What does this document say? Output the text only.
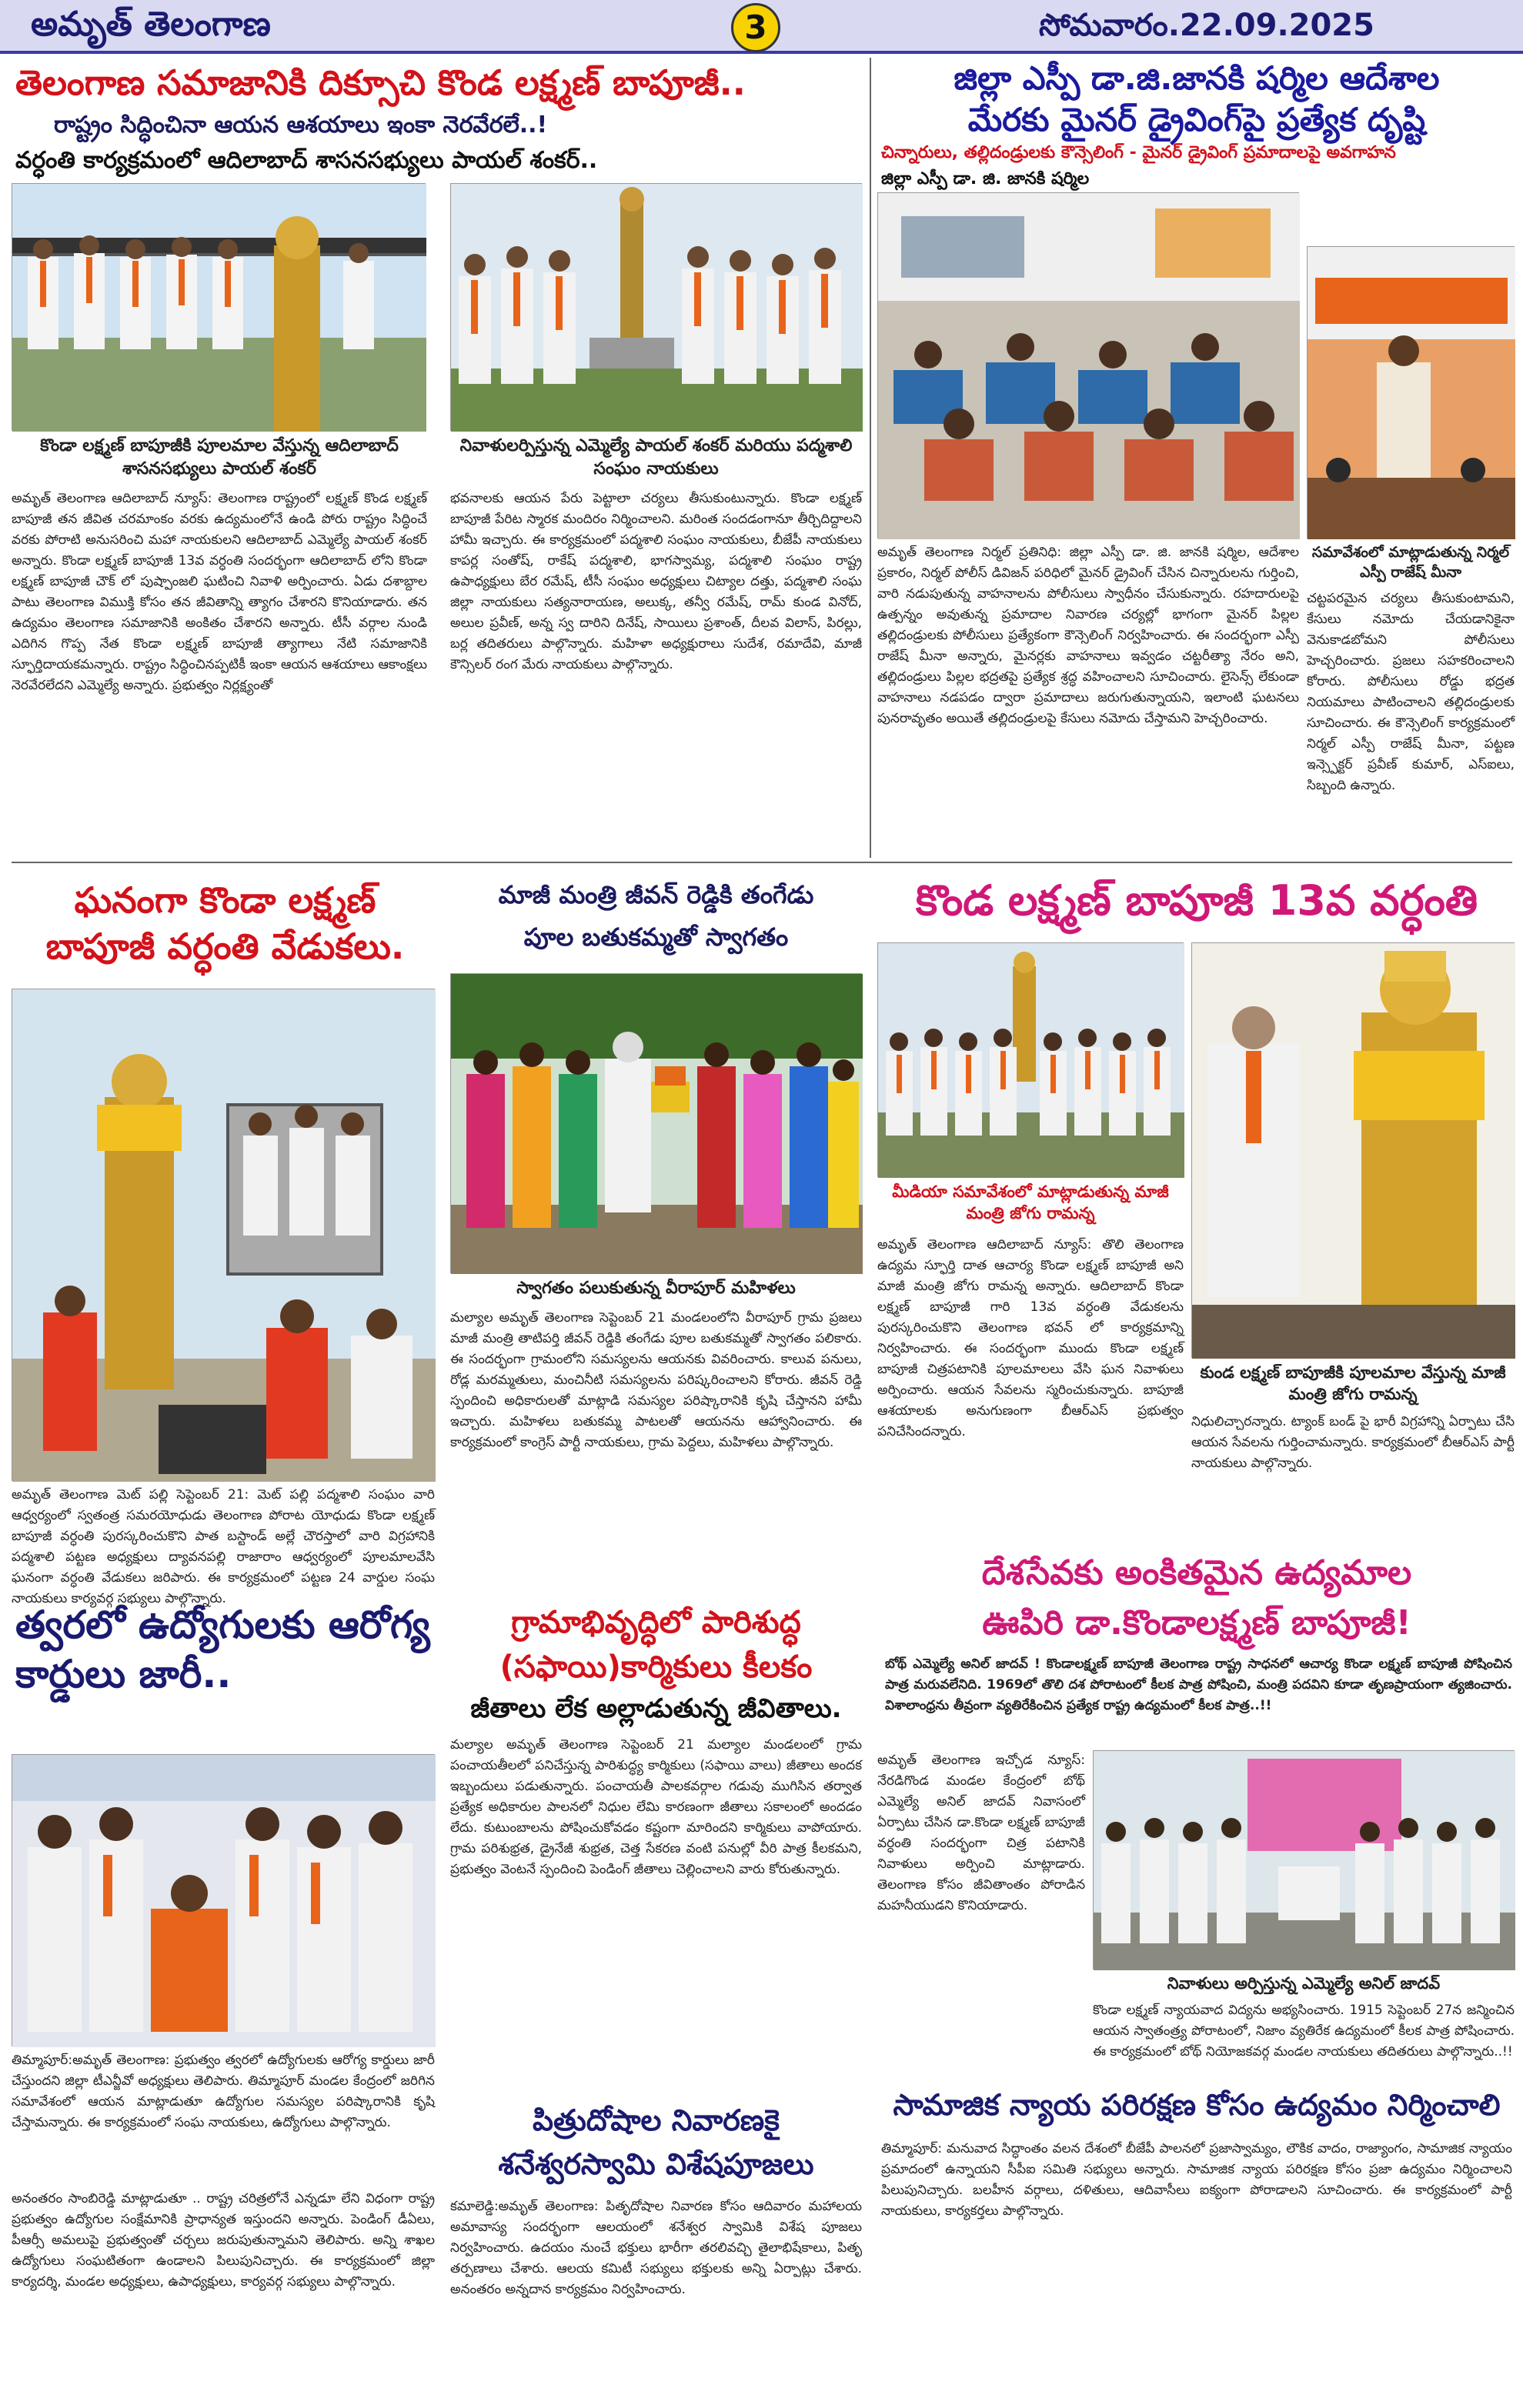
అమృత్ తెలంగాణ	3	సోమవారం.22.09.2025
తెలంగాణ సమాజానికి దిక్సూచి కొండ లక్ష్మణ్ బాపూజీ..
రాష్ట్రం సిద్ధించినా ఆయన ఆశయాలు ఇంకా నెరవేరలే..!
వర్ధంతి కార్యక్రమంలో ఆదిలాబాద్ శాసనసభ్యులు పాయల్ శంకర్..
కొండా లక్ష్మణ్ బాపూజీకి పూలమాల వేస్తున్న ఆదిలాబాద్ శాసనసభ్యులు పాయల్ శంకర్
నివాళులర్పిస్తున్న ఎమ్మెల్యే పాయల్ శంకర్ మరియు పద్మశాలి సంఘం నాయకులు
అమృత్ తెలంగాణ ఆదిలాబాద్ న్యూస్: తెలంగాణ రాష్ట్రంలో లక్ష్మణ్ కొండ లక్ష్మణ్ బాపూజీ తన జీవిత చరమాంకం వరకు ఉద్యమంలోనే ఉండి పోరు రాష్ట్రం సిద్ధించే వరకు పోరాటి అనుసరించి మహా నాయకులని ఆదిలాబాద్ ఎమ్మెల్యే పాయల్ శంకర్ అన్నారు. కొండా లక్ష్మణ్ బాపూజీ 13వ వర్ధంతి సందర్భంగా ఆదిలాబాద్ లోని కొండా లక్ష్మణ్ బాపూజీ చౌక్ లో పుష్పాంజలి ఘటించి నివాళి అర్పించారు. ఏడు దశాబ్దాల పాటు తెలంగాణ విముక్తి కోసం తన జీవితాన్ని త్యాగం చేశారని కొనియాడారు. తన ఉద్యమం తెలంగాణ సమాజానికి అంకితం చేశారని అన్నారు. టీసీ వర్గాల నుండి ఎదిగిన గొప్ప నేత కొండా లక్ష్మణ్ బాపూజీ త్యాగాలు నేటి సమాజానికి స్ఫూర్తిదాయకమన్నారు. రాష్ట్రం సిద్ధించినప్పటికీ ఇంకా ఆయన ఆశయాలు ఆకాంక్షలు నెరవేరలేదని ఎమ్మెల్యే అన్నారు. ప్రభుత్వం నిర్లక్ష్యంతో
భవనాలకు ఆయన పేరు పెట్టాలా చర్యలు తీసుకుంటున్నారు. కొండా లక్ష్మణ్ బాపూజీ పేరిట స్మారక మందిరం నిర్మించాలని. మరింత సందడంగానూ తీర్చిదిద్దాలని హామీ ఇచ్చారు. ఈ కార్యక్రమంలో పద్మశాలి సంఘం నాయకులు, బీజేపీ నాయకులు కాపర్ల సంతోష్, రాకేష్ పద్మశాలి, భాగస్వామ్య, పద్మశాలి సంఘం రాష్ట్ర ఉపాధ్యక్షులు బేర రమేష్, టీసీ సంఘం అధ్యక్షులు చిట్యాల దత్తు, పద్మశాలి సంఘ జిల్లా నాయకులు సత్యనారాయణ, అలుక్క, తన్వీ రమేష్, రామ్ కుండ వినోద్, అలుల ప్రవీణ్, అన్న స్వ దారిని దినేష్, సాయిలు ప్రశాంత్, దీలవ విలాస్, పిరల్లు, బర్ల తదితరులు పాల్గొన్నారు. మహిళా అధ్యక్షురాలు సుదేశ, రమాదేవి, మాజీ కౌన్సిలర్ రంగ మేరు నాయకులు పాల్గొన్నారు.
జిల్లా ఎస్పీ డా.జి.జానకి షర్మిల ఆదేశాల
మేరకు మైనర్ డ్రైవింగ్‌పై ప్రత్యేక దృష్టి
చిన్నారులు, తల్లిదండ్రులకు కౌన్సెలింగ్ - మైనర్ డ్రైవింగ్ ప్రమాదాలపై అవగాహన
జిల్లా ఎస్పీ డా. జి. జానకి షర్మిల
అమృత్ తెలంగాణ నిర్మల్ ప్రతినిధి: జిల్లా ఎస్పీ డా. జి. జానకి షర్మిల, ఆదేశాల ప్రకారం, నిర్మల్ పోలీస్ డివిజన్ పరిధిలో మైనర్ డ్రైవింగ్ చేసిన చిన్నారులను గుర్తించి, వారి నడుపుతున్న వాహనాలను పోలీసులు స్వాధీనం చేసుకున్నారు. రహదారులపై ఉత్పన్నం అవుతున్న ప్రమాదాల నివారణ చర్యల్లో భాగంగా మైనర్ పిల్లల తల్లిదండ్రులకు పోలీసులు ప్రత్యేకంగా కౌన్సెలింగ్ నిర్వహించారు. ఈ సందర్భంగా ఎస్పీ రాజేష్ మీనా అన్నారు, మైనర్లకు వాహనాలు ఇవ్వడం చట్టరీత్యా నేరం అని, తల్లిదండ్రులు పిల్లల భద్రతపై ప్రత్యేక శ్రద్ధ వహించాలని సూచించారు. లైసెన్స్ లేకుండా వాహనాలు నడపడం ద్వారా ప్రమాదాలు జరుగుతున్నాయని, ఇలాంటి ఘటనలు పునరావృతం అయితే తల్లిదండ్రులపై కేసులు నమోదు చేస్తామని హెచ్చరించారు.
సమావేశంలో మాట్లాడుతున్న నిర్మల్ ఎస్పీ రాజేష్ మీనా
చట్టపరమైన చర్యలు తీసుకుంటామని, కేసులు నమోదు చేయడానికైనా వెనుకాడబోమని పోలీసులు హెచ్చరించారు. ప్రజలు సహకరించాలని కోరారు. పోలీసులు రోడ్డు భద్రత నియమాలు పాటించాలని తల్లిదండ్రులకు సూచించారు. ఈ కౌన్సెలింగ్ కార్యక్రమంలో నిర్మల్ ఎస్పీ రాజేష్ మీనా, పట్టణ ఇన్స్పెక్టర్ ప్రవీణ్ కుమార్, ఎస్ఐలు, సిబ్బంది ఉన్నారు.
ఘనంగా కొండా లక్ష్మణ్ బాపూజీ వర్ధంతి వేడుకలు.
అమృత్ తెలంగాణ మెట్ పల్లి సెప్టెంబర్ 21: మెట్ పల్లి పద్మశాలి సంఘం వారి ఆధ్వర్యంలో స్వతంత్ర సమరయోధుడు తెలంగాణ పోరాట యోధుడు కొండా లక్ష్మణ్ బాపూజీ వర్ధంతి పురస్కరించుకొని పాత బస్టాండ్ అల్లే చౌరస్తాలో వారి విగ్రహానికి పద్మశాలి పట్టణ అధ్యక్షులు ద్యావనపల్లి రాజారాం ఆధ్వర్యంలో పూలమాలవేసి ఘనంగా వర్ధంతి వేడుకలు జరిపారు. ఈ కార్యక్రమంలో పట్టణ 24 వార్డుల సంఘ నాయకులు కార్యవర్గ సభ్యులు పాల్గొన్నారు.
మాజీ మంత్రి జీవన్ రెడ్డికి తంగేడు
పూల బతుకమ్మతో స్వాగతం
స్వాగతం పలుకుతున్న వీరాపూర్ మహిళలు
మల్యాల అమృత్ తెలంగాణ సెప్టెంబర్ 21 మండలంలోని వీరాపూర్ గ్రామ ప్రజలు మాజీ మంత్రి తాటిపర్తి జీవన్ రెడ్డికి తంగేడు పూల బతుకమ్మతో స్వాగతం పలికారు. ఈ సందర్భంగా గ్రామంలోని సమస్యలను ఆయనకు వివరించారు. కాలువ పనులు, రోడ్ల మరమ్మతులు, మంచినీటి సమస్యలను పరిష్కరించాలని కోరారు. జీవన్ రెడ్డి స్పందించి అధికారులతో మాట్లాడి సమస్యల పరిష్కారానికి కృషి చేస్తానని హామీ ఇచ్చారు. మహిళలు బతుకమ్మ పాటలతో ఆయనను ఆహ్వానించారు. ఈ కార్యక్రమంలో కాంగ్రెస్ పార్టీ నాయకులు, గ్రామ పెద్దలు, మహిళలు పాల్గొన్నారు.
కొండ లక్ష్మణ్ బాపూజీ 13వ వర్ధంతి
మీడియా సమావేశంలో మాట్లాడుతున్న మాజీ మంత్రి జోగు రామన్న
కుండ లక్ష్మణ్ బాపూజీకి పూలమాల వేస్తున్న మాజీ మంత్రి జోగు రామన్న
అమృత్ తెలంగాణ ఆదిలాబాద్ న్యూస్: తొలి తెలంగాణ ఉద్యమ స్ఫూర్తి దాత ఆచార్య కొండా లక్ష్మణ్ బాపూజీ అని మాజీ మంత్రి జోగు రామన్న అన్నారు. ఆదిలాబాద్ కొండా లక్ష్మణ్ బాపూజీ గారి 13వ వర్ధంతి వేడుకలను పురస్కరించుకొని తెలంగాణ భవన్ లో కార్యక్రమాన్ని నిర్వహించారు. ఈ సందర్భంగా ముందు కొండా లక్ష్మణ్ బాపూజీ చిత్రపటానికి పూలమాలలు వేసి ఘన నివాళులు అర్పించారు. ఆయన సేవలను స్మరించుకున్నారు. బాపూజీ ఆశయాలకు అనుగుణంగా బీఆర్ఎస్ ప్రభుత్వం పనిచేసిందన్నారు.
నిధులిచ్చారన్నారు. ట్యాంక్ బండ్ పై భారీ విగ్రహాన్ని ఏర్పాటు చేసి ఆయన సేవలను గుర్తించామన్నారు. కార్యక్రమంలో బీఆర్ఎస్ పార్టీ నాయకులు పాల్గొన్నారు.
దేశసేవకు అంకితమైన ఉద్యమాల
ఊపిరి డా.కొండాలక్ష్మణ్ బాపూజీ!
బోథ్ ఎమ్మెల్యే అనిల్ జాదవ్ ! కొండాలక్ష్మణ్ బాపూజీ తెలంగాణ రాష్ట్ర సాధనలో ఆచార్య కొండా లక్ష్మణ్ బాపూజీ పోషించిన పాత్ర మరువలేనిది. 1969లో తొలి దశ పోరాటంలో కీలక పాత్ర పోషించి, మంత్రి పదవిని కూడా తృణప్రాయంగా త్యజించారు. విశాలాంధ్రను తీవ్రంగా వ్యతిరేకించిన ప్రత్యేక రాష్ట్ర ఉద్యమంలో కీలక పాత్ర..!!
అమృత్ తెలంగాణ ఇచ్చోడ న్యూస్: నేరడిగొండ మండల కేంద్రంలో బోథ్ ఎమ్మెల్యే అనిల్ జాదవ్ నివాసంలో ఏర్పాటు చేసిన డా.కొండా లక్ష్మణ్ బాపూజీ వర్ధంతి సందర్భంగా చిత్ర పటానికి నివాళులు అర్పించి మాట్లాడారు. తెలంగాణ కోసం జీవితాంతం పోరాడిన మహనీయుడని కొనియాడారు.
నివాళులు అర్పిస్తున్న ఎమ్మెల్యే అనిల్ జాదవ్
కొండా లక్ష్మణ్ న్యాయవాద విద్యను అభ్యసించారు. 1915 సెప్టెంబర్ 27న జన్మించిన ఆయన స్వాతంత్ర్య పోరాటంలో, నిజాం వ్యతిరేక ఉద్యమంలో కీలక పాత్ర పోషించారు. ఈ కార్యక్రమంలో బోథ్ నియోజకవర్గ మండల నాయకులు తదితరులు పాల్గొన్నారు..!!
గ్రామాభివృద్ధిలో పారిశుద్ధ (సఫాయి)కార్మికులు కీలకం
జీతాలు లేక అల్లాడుతున్న జీవితాలు.
మల్యాల అమృత్ తెలంగాణ సెప్టెంబర్ 21 మల్యాల మండలంలో గ్రామ పంచాయతీలలో పనిచేస్తున్న పారిశుద్ధ్య కార్మికులు (సఫాయి వాలు) జీతాలు అందక ఇబ్బందులు పడుతున్నారు. పంచాయతీ పాలకవర్గాల గడువు ముగిసిన తర్వాత ప్రత్యేక అధికారుల పాలనలో నిధుల లేమి కారణంగా జీతాలు సకాలంలో అందడం లేదు. కుటుంబాలను పోషించుకోవడం కష్టంగా మారిందని కార్మికులు వాపోయారు. గ్రామ పరిశుభ్రత, డ్రైనేజీ శుభ్రత, చెత్త సేకరణ వంటి పనుల్లో వీరి పాత్ర కీలకమని, ప్రభుత్వం వెంటనే స్పందించి పెండింగ్ జీతాలు చెల్లించాలని వారు కోరుతున్నారు.
త్వరలో ఉద్యోగులకు ఆరోగ్య కార్డులు జారీ..
తిమ్మాపూర్:అమృత్ తెలంగాణ: ప్రభుత్వం త్వరలో ఉద్యోగులకు ఆరోగ్య కార్డులు జారీ చేస్తుందని జిల్లా టీఎన్జీవో అధ్యక్షులు తెలిపారు. తిమ్మాపూర్ మండల కేంద్రంలో జరిగిన సమావేశంలో ఆయన మాట్లాడుతూ ఉద్యోగుల సమస్యల పరిష్కారానికి కృషి చేస్తామన్నారు. ఈ కార్యక్రమంలో సంఘ నాయకులు, ఉద్యోగులు పాల్గొన్నారు.
అనంతరం సాంబిరెడ్డి మాట్లాడుతూ .. రాష్ట్ర చరిత్రలోనే ఎన్నడూ లేని విధంగా రాష్ట్ర ప్రభుత్వం ఉద్యోగుల సంక్షేమానికి ప్రాధాన్యత ఇస్తుందని అన్నారు. పెండింగ్ డీఏలు, పీఆర్సీ అమలుపై ప్రభుత్వంతో చర్చలు జరుపుతున్నామని తెలిపారు. అన్ని శాఖల ఉద్యోగులు సంఘటితంగా ఉండాలని పిలుపునిచ్చారు. ఈ కార్యక్రమంలో జిల్లా కార్యదర్శి, మండల అధ్యక్షులు, ఉపాధ్యక్షులు, కార్యవర్గ సభ్యులు పాల్గొన్నారు.
పిత్రుదోషాల నివారణకై
శనేశ్వరస్వామి విశేషపూజలు
కమాలెడ్డి:అమృత్ తెలంగాణ: పితృదోషాల నివారణ కోసం ఆదివారం మహాలయ అమావాస్య సందర్భంగా ఆలయంలో శనేశ్వర స్వామికి విశేష పూజలు నిర్వహించారు. ఉదయం నుంచే భక్తులు భారీగా తరలివచ్చి తైలాభిషేకాలు, పితృ తర్పణాలు చేశారు. ఆలయ కమిటీ సభ్యులు భక్తులకు అన్ని ఏర్పాట్లు చేశారు. అనంతరం అన్నదాన కార్యక్రమం నిర్వహించారు.
సామాజిక న్యాయ పరిరక్షణ కోసం ఉద్యమం నిర్మించాలి
తిమ్మాపూర్: మనువాద సిద్ధాంతం వలన దేశంలో బీజేపీ పాలనలో ప్రజాస్వామ్యం, లౌకిక వాదం, రాజ్యాంగం, సామాజిక న్యాయం ప్రమాదంలో ఉన్నాయని సీపీఐ సమితి సభ్యులు అన్నారు. సామాజిక న్యాయ పరిరక్షణ కోసం ప్రజా ఉద్యమం నిర్మించాలని పిలుపునిచ్చారు. బలహీన వర్గాలు, దళితులు, ఆదివాసీలు ఐక్యంగా పోరాడాలని సూచించారు. ఈ కార్యక్రమంలో పార్టీ నాయకులు, కార్యకర్తలు పాల్గొన్నారు.
